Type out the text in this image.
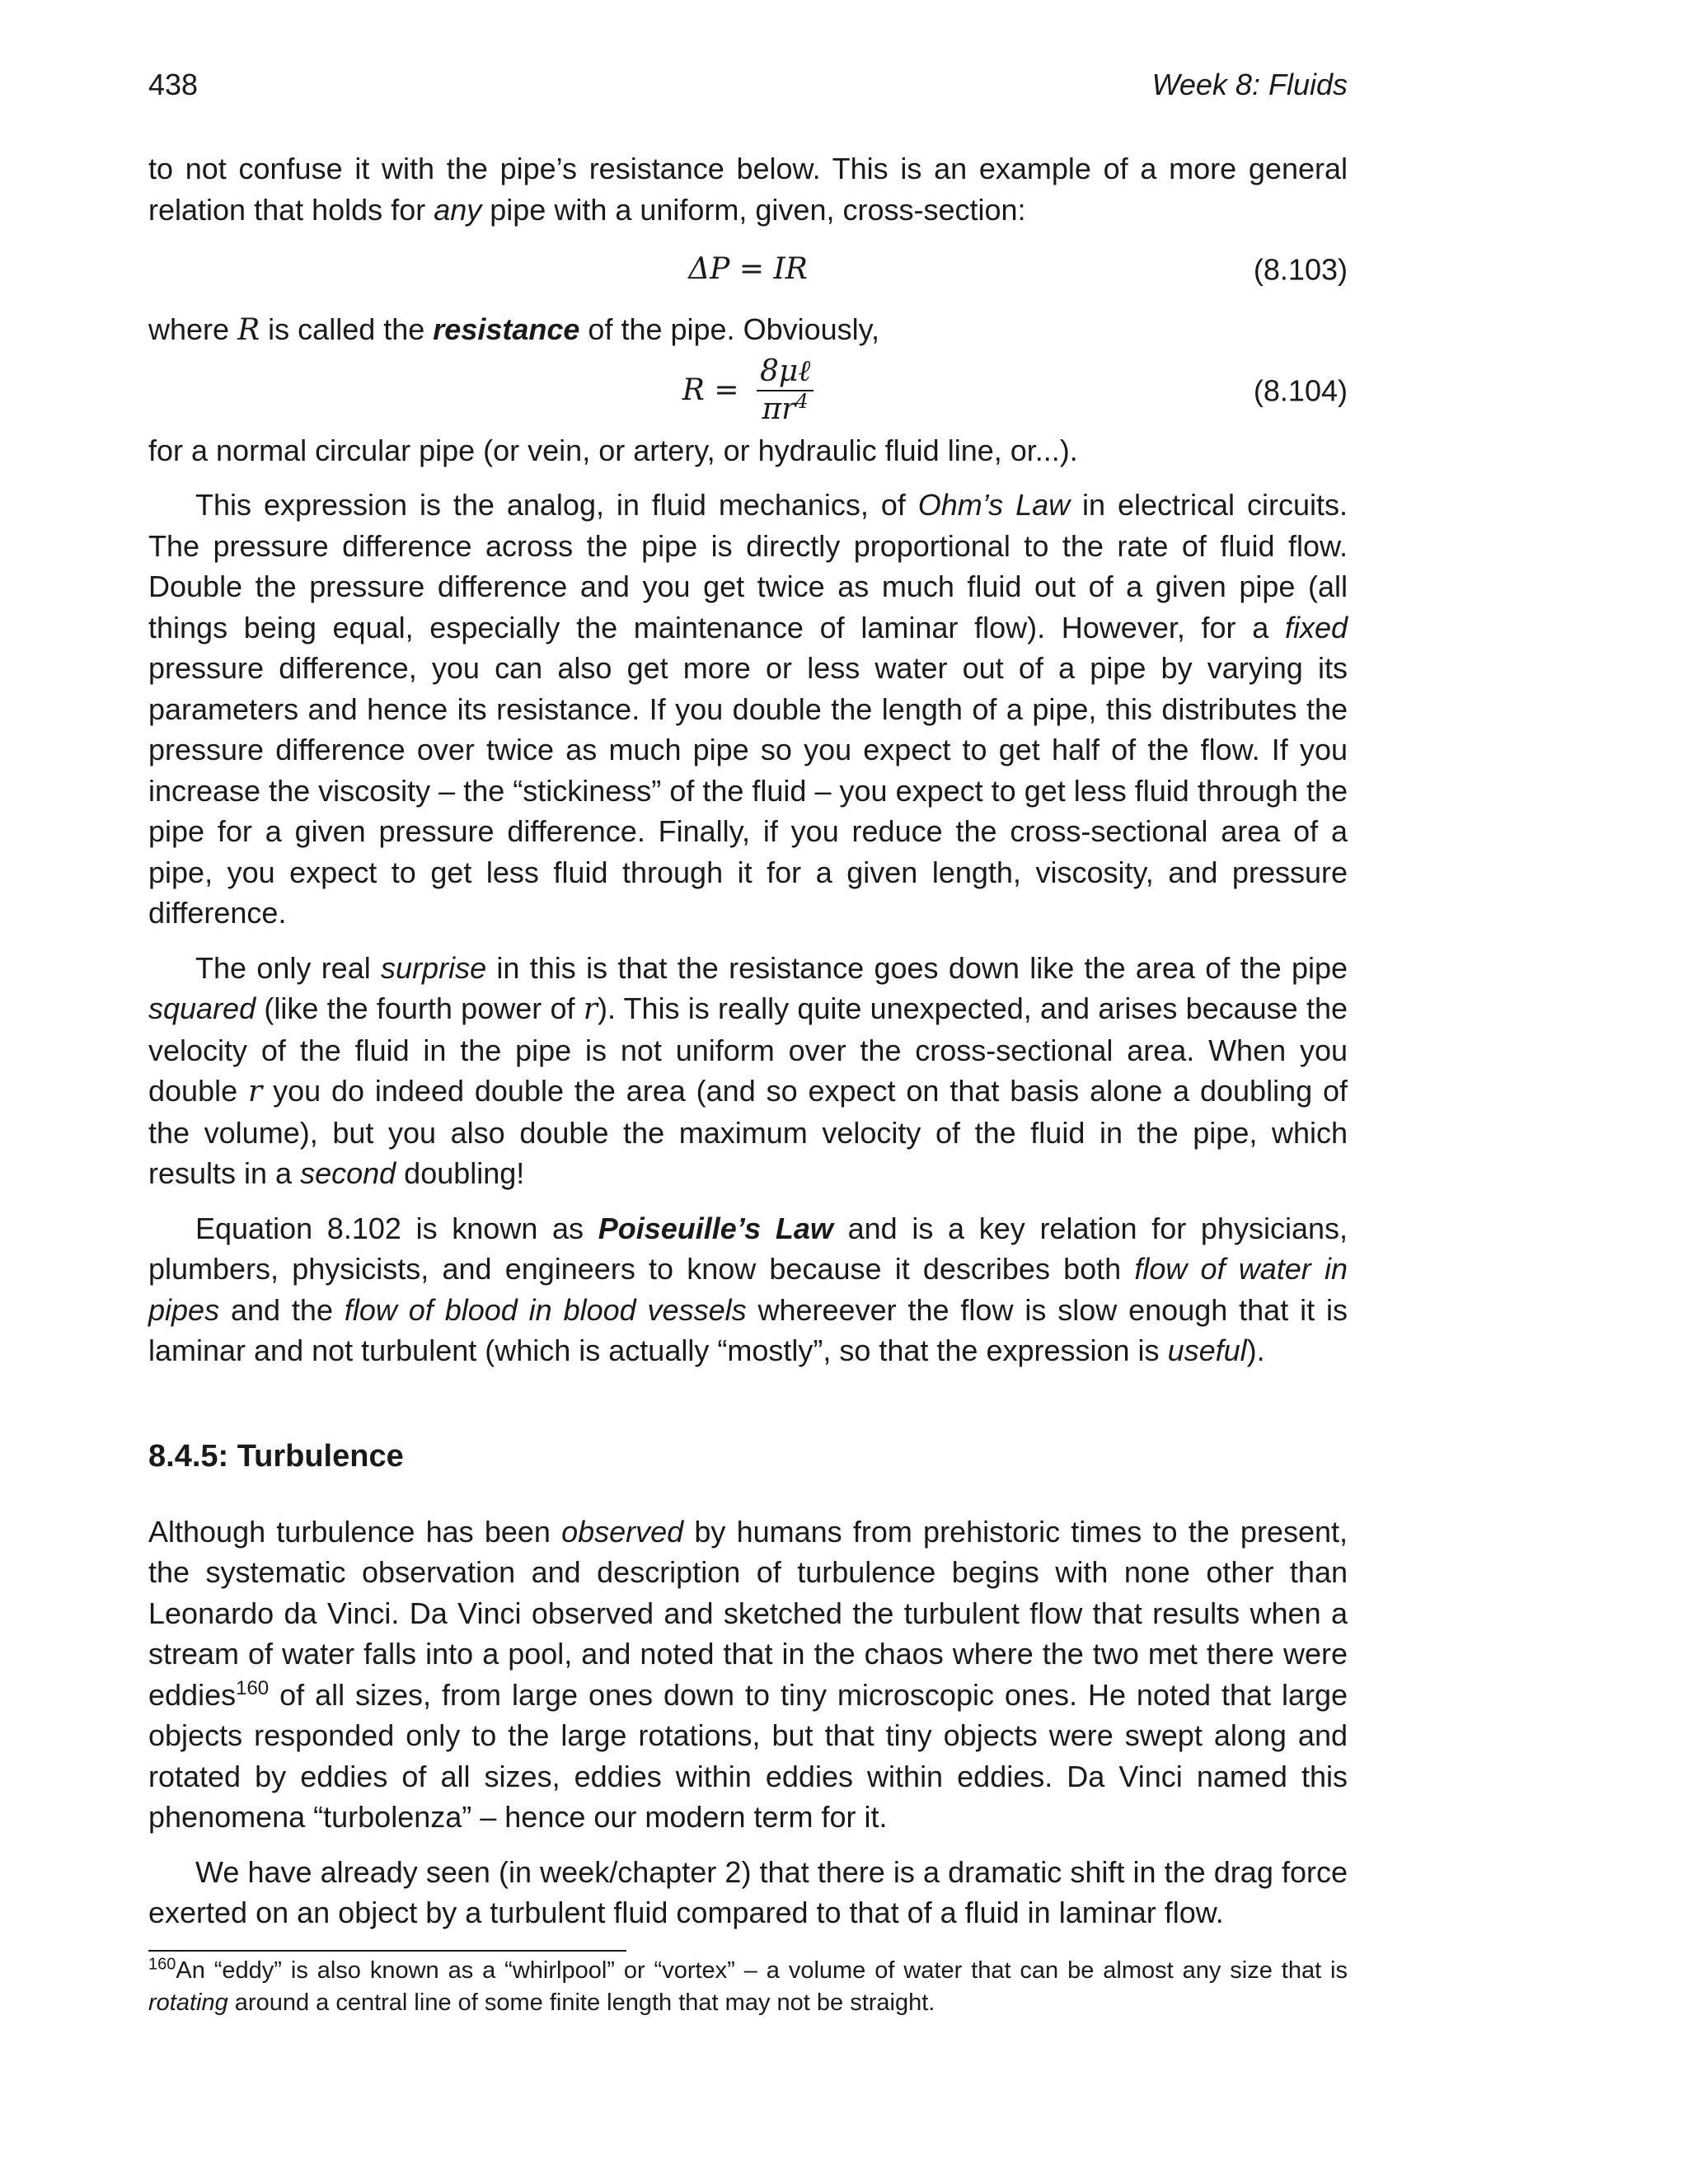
438	Week 8: Fluids

to not confuse it with the pipe’s resistance below. This is an example of a more general relation that holds for any pipe with a uniform, given, cross-section:

ΔP = IR	(8.103)

where R is called the resistance of the pipe. Obviously,

$R = \frac{\text{8μℓ}}{\pi r^4}$	(8.104)

for a normal circular pipe (or vein, or artery, or hydraulic fluid line, or...).

This expression is the analog, in fluid mechanics, of Ohm’s Law in electrical circuits. The pressure difference across the pipe is directly proportional to the rate of fluid flow. Double the pressure difference and you get twice as much fluid out of a given pipe (all things being equal, especially the maintenance of laminar flow). However, for a fixed pressure difference, you can also get more or less water out of a pipe by varying its parameters and hence its resistance. If you double the length of a pipe, this distributes the pressure difference over twice as much pipe so you expect to get half of the flow. If you increase the viscosity – the “stickiness” of the fluid – you expect to get less fluid through the pipe for a given pressure difference. Finally, if you reduce the cross-sectional area of a pipe, you expect to get less fluid through it for a given length, viscosity, and pressure difference.

The only real surprise in this is that the resistance goes down like the area of the pipe squared (like the fourth power of r). This is really quite unexpected, and arises because the velocity of the fluid in the pipe is not uniform over the cross-sectional area. When you double r you do indeed double the area (and so expect on that basis alone a doubling of the volume), but you also double the maximum velocity of the fluid in the pipe, which results in a second doubling!

Equation 8.102 is known as Poiseuille’s Law and is a key relation for physicians, plumbers, physicists, and engineers to know because it describes both flow of water in pipes and the flow of blood in blood vessels whereever the flow is slow enough that it is laminar and not turbulent (which is actually “mostly”, so that the expression is useful).

8.4.5: Turbulence

Although turbulence has been observed by humans from prehistoric times to the present, the systematic observation and description of turbulence begins with none other than Leonardo da Vinci. Da Vinci observed and sketched the turbulent flow that results when a stream of water falls into a pool, and noted that in the chaos where the two met there were eddies$^{160}$ of all sizes, from large ones down to tiny microscopic ones. He noted that large objects responded only to the large rotations, but that tiny objects were swept along and rotated by eddies of all sizes, eddies within eddies within eddies. Da Vinci named this phenomena “turbolenza” – hence our modern term for it.

We have already seen (in week/chapter 2) that there is a dramatic shift in the drag force exerted on an object by a turbulent fluid compared to that of a fluid in laminar flow.

$^{160}$An “eddy” is also known as a “whirlpool” or “vortex” – a volume of water that can be almost any size that is rotating around a central line of some finite length that may not be straight.
